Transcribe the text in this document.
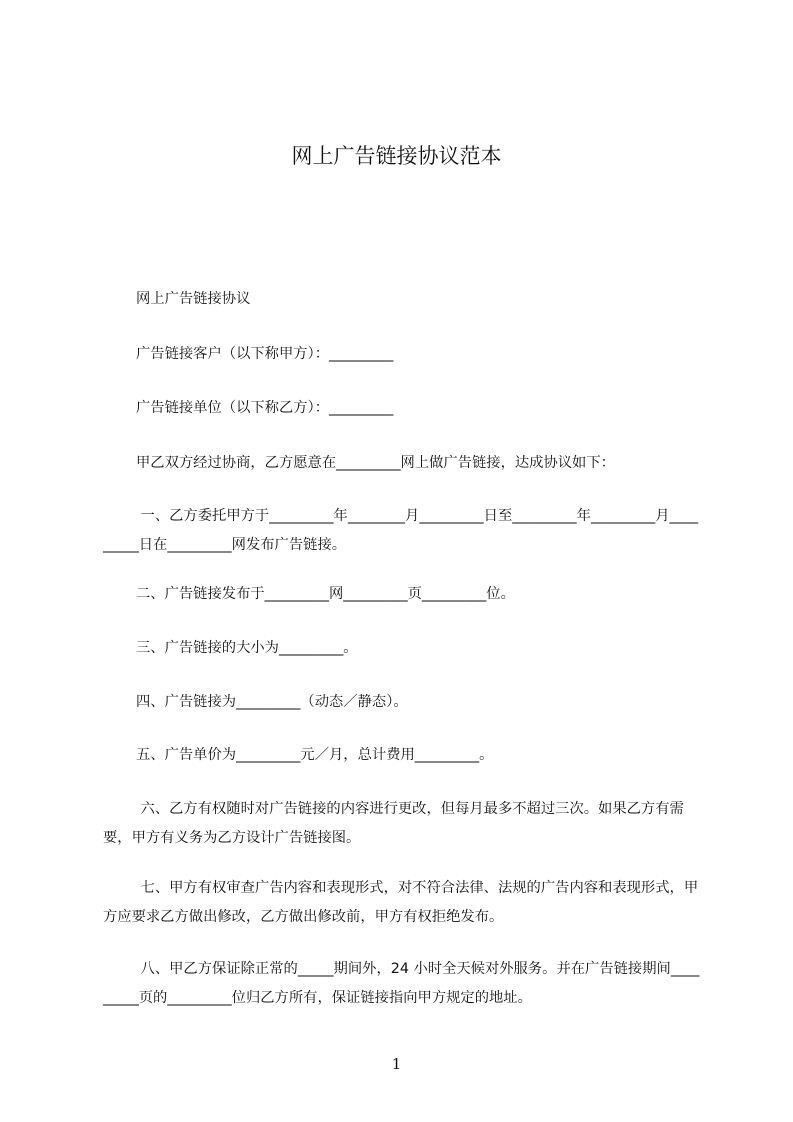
网上广告链接协议范本

网上广告链接协议

广告链接客户（以下称甲方）：_________

广告链接单位（以下称乙方）：_________

甲乙双方经过协商，乙方愿意在_________网上做广告链接，达成协议如下：

一、乙方委托甲方于_________年________月_________日至_________年_________月_________日在_________网发布广告链接。

二、广告链接发布于_________网_________页_________位。

三、广告链接的大小为_________。

四、广告链接为_________（动态／静态）。

五、广告单价为_________元／月，总计费用_________。

六、乙方有权随时对广告链接的内容进行更改，但每月最多不超过三次。如果乙方有需要，甲方有义务为乙方设计广告链接图。

七、甲方有权审查广告内容和表现形式，对不符合法律、法规的广告内容和表现形式，甲方应要求乙方做出修改，乙方做出修改前，甲方有权拒绝发布。

八、甲乙方保证除正常的_____期间外，24 小时全天候对外服务。并在广告链接期间_________页的_________位归乙方所有，保证链接指向甲方规定的地址。

1
